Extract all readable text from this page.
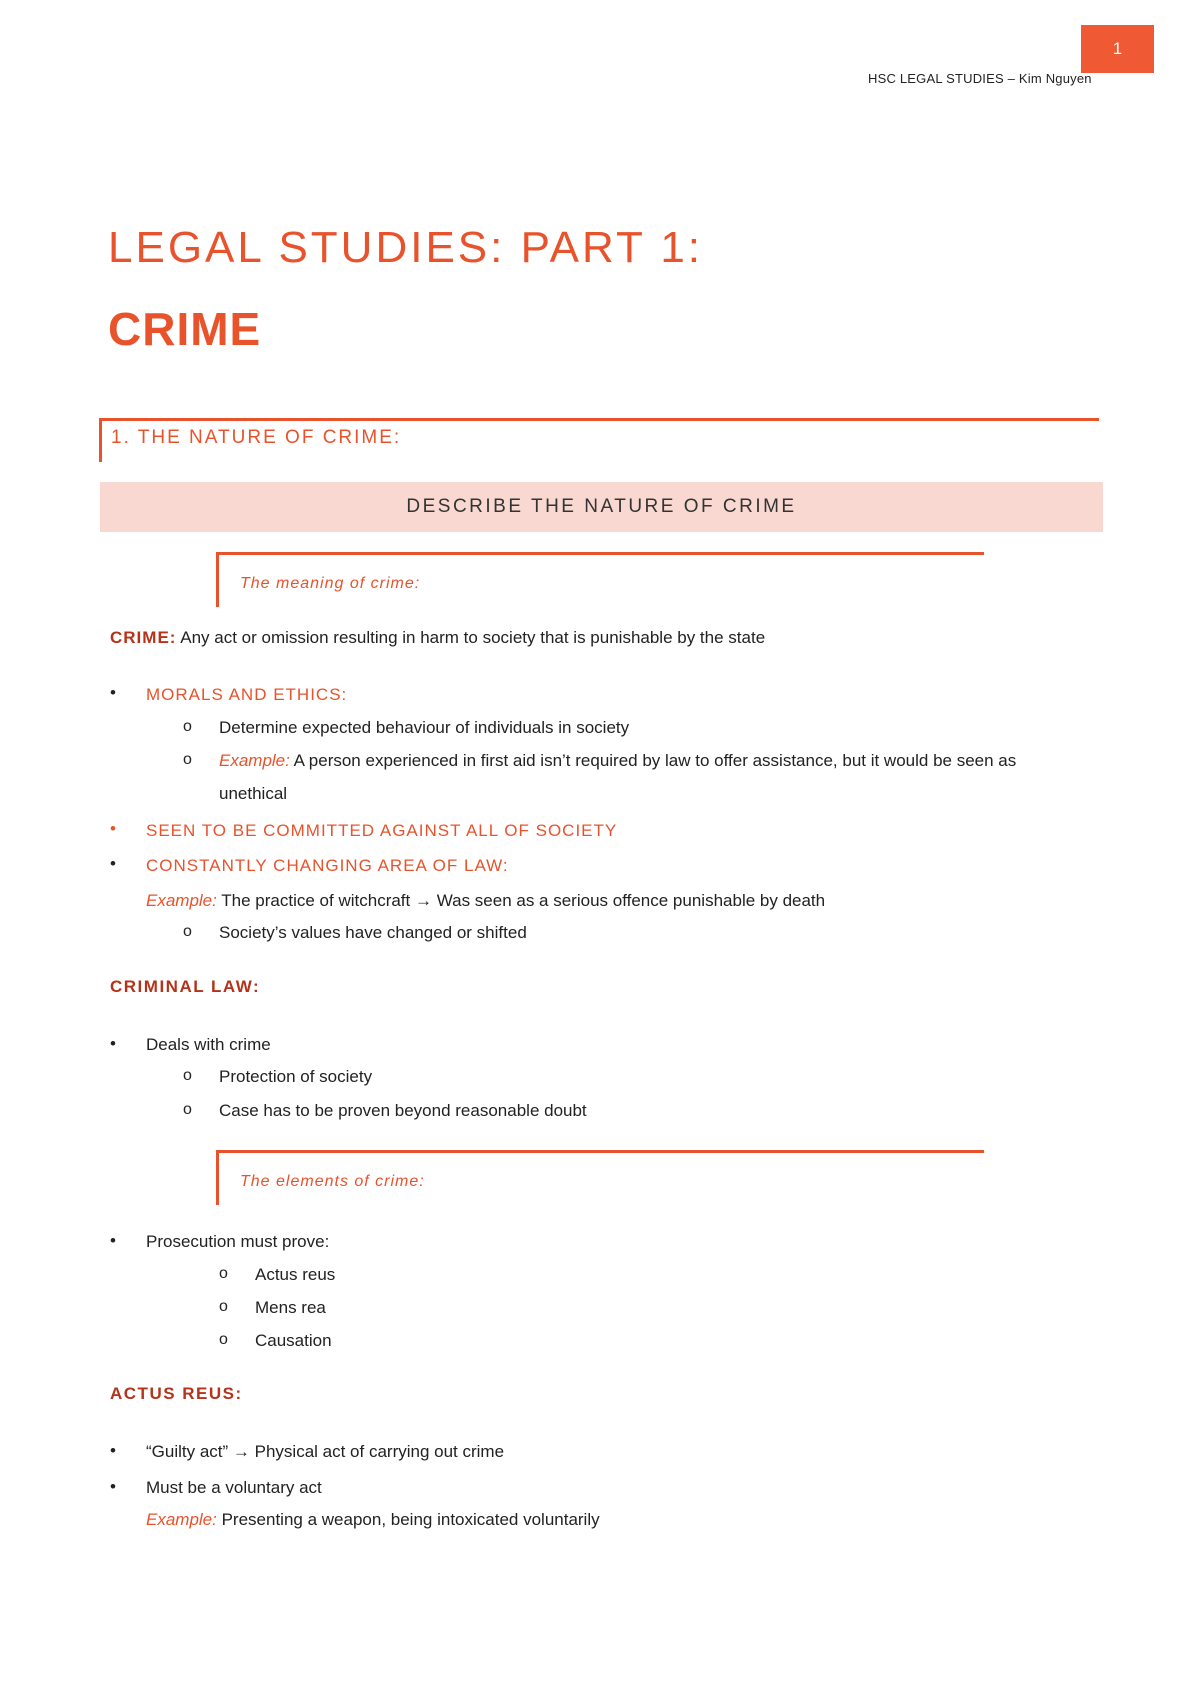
1
HSC LEGAL STUDIES – Kim Nguyen
LEGAL STUDIES: PART 1:
CRIME
1. THE NATURE OF CRIME:
DESCRIBE THE NATURE OF CRIME
The meaning of crime:
CRIME: Any act or omission resulting in harm to society that is punishable by the state
• MORALS AND ETHICS:
o Determine expected behaviour of individuals in society
o Example: A person experienced in first aid isn’t required by law to offer assistance, but it would be seen as
unethical
• SEEN TO BE COMMITTED AGAINST ALL OF SOCIETY
• CONSTANTLY CHANGING AREA OF LAW:
Example: The practice of witchcraft → Was seen as a serious offence punishable by death
o Society’s values have changed or shifted
CRIMINAL LAW:
• Deals with crime
o Protection of society
o Case has to be proven beyond reasonable doubt
The elements of crime:
• Prosecution must prove:
o Actus reus
o Mens rea
o Causation
ACTUS REUS:
• “Guilty act” → Physical act of carrying out crime
• Must be a voluntary act
Example: Presenting a weapon, being intoxicated voluntarily
